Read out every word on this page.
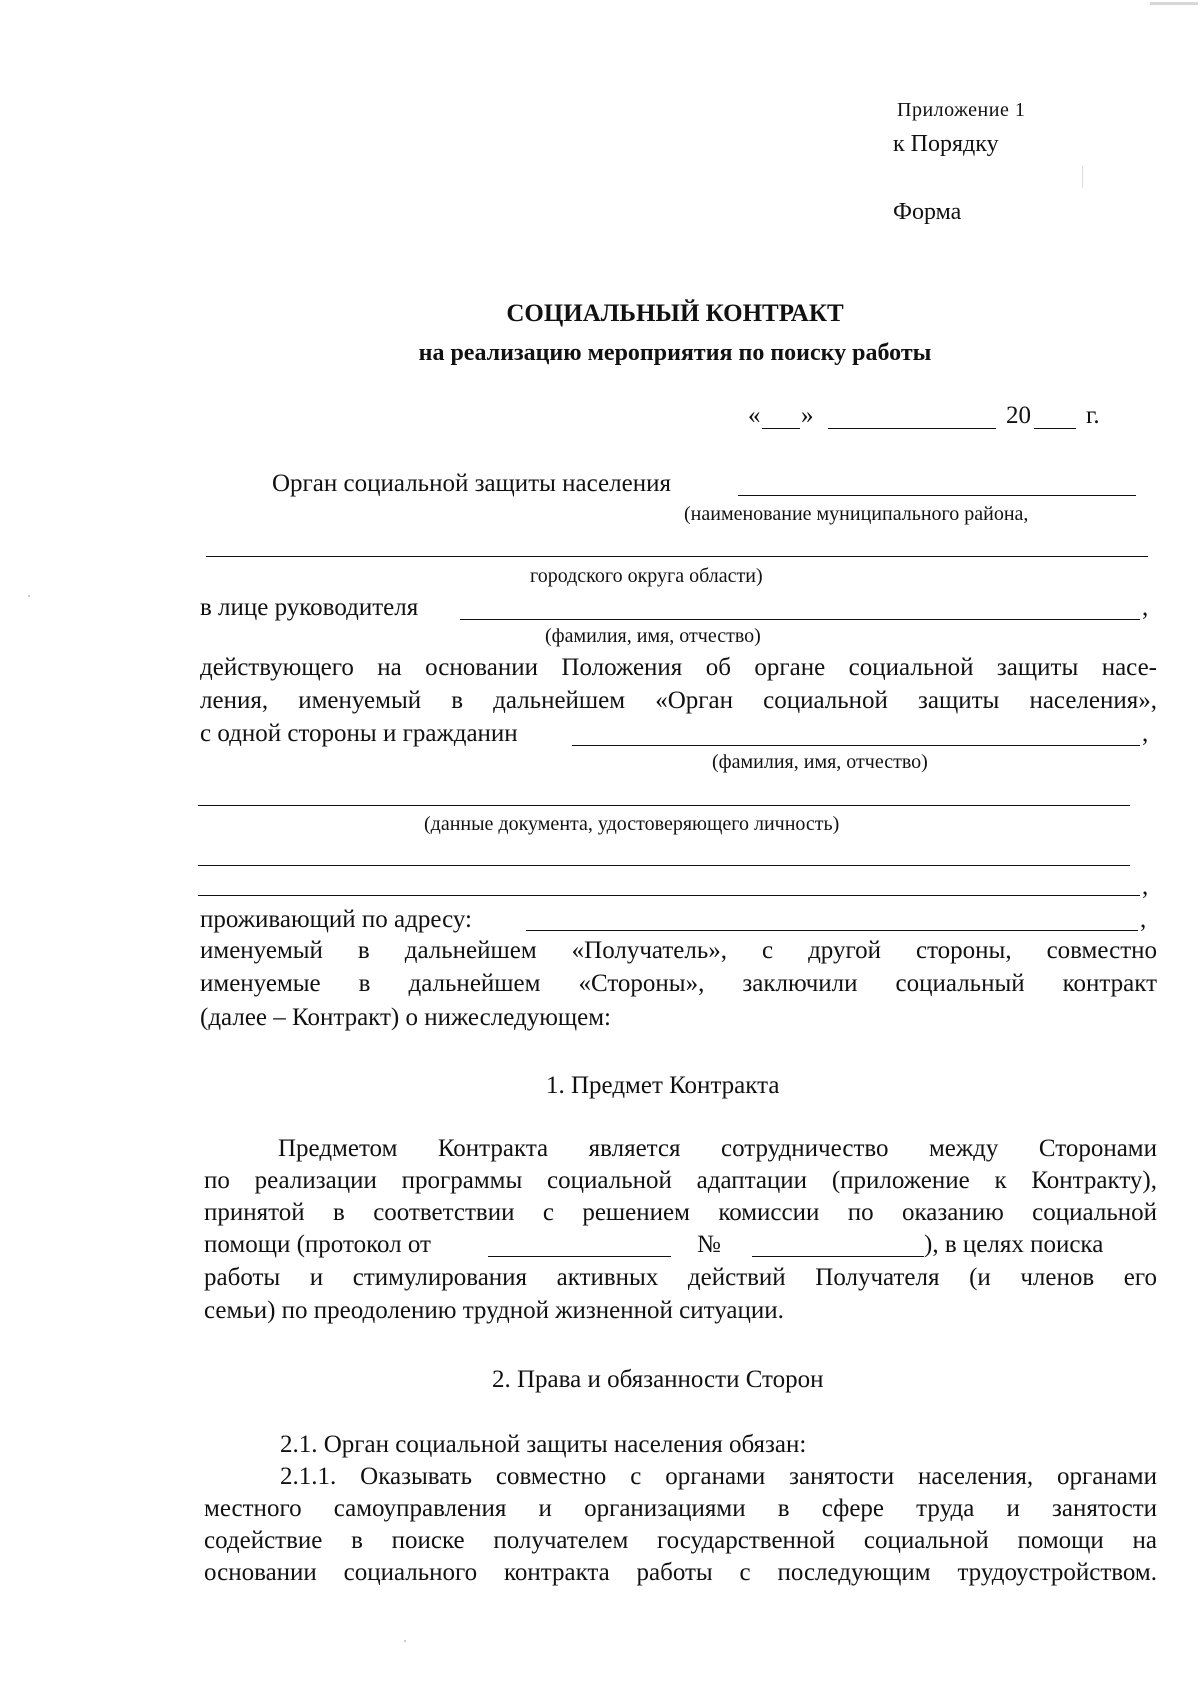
Приложение 1
к Порядку
Форма
СОЦИАЛЬНЫЙ КОНТРАКТ
на реализацию мероприятия по поиску работы
« »	20 г.
Орган социальной защиты населения
(наименование муниципального района,
городского округа области)
в лице руководителя	,
(фамилия, имя, отчество)
действующего на основании Положения об органе социальной защиты насе-
ления, именуемый в дальнейшем «Орган социальной защиты населения»,
с одной стороны и гражданин	,
(фамилия, имя, отчество)
(данные документа, удостоверяющего личность)
,
проживающий по адресу:	,
именуемый в дальнейшем «Получатель», с другой стороны, совместно
именуемые в дальнейшем «Стороны», заключили социальный контракт
(далее – Контракт) о нижеследующем:
1. Предмет Контракта
Предметом Контракта является сотрудничество между Сторонами
по реализации программы социальной адаптации (приложение к Контракту),
принятой в соответствии с решением комиссии по оказанию социальной
помощи (протокол от	№	), в целях поиска
работы и стимулирования активных действий Получателя (и членов его
семьи) по преодолению трудной жизненной ситуации.
2. Права и обязанности Сторон
2.1. Орган социальной защиты населения обязан:
2.1.1. Оказывать совместно с органами занятости населения, органами
местного самоуправления и организациями в сфере труда и занятости
содействие в поиске получателем государственной социальной помощи на
основании социального контракта работы с последующим трудоустройством.
